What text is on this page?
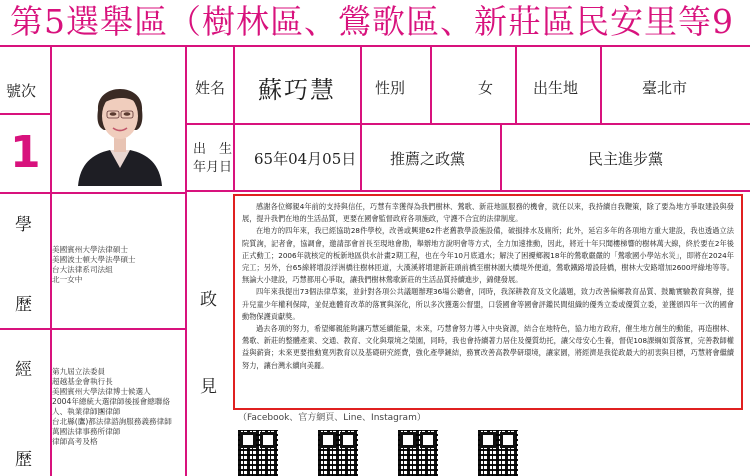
第5選舉區（樹林區、鶯歌區、新莊區民安里等9
號次
1
學
歷
經
歷
美國賓州大學法律碩士
美國波士頓大學法學碩士
台大法律系司法組
北一女中
第九屆立法委員
超越基金會執行長
美國賓州大學法律博士候選人
2004年總統大選律師後援會總聯絡
人、執業律師團律師
台北縣(鷹)都法律諮詢服務義務律師
萬國法律事務所律師
律師高考及格
姓名 蘇巧慧	性別	女	出生地	臺北市
出　生
年月日 65年04月05日 推薦之政黨	民主進步黨
政
見

感謝各位鄉親4年前的支持與信任，巧慧有幸獲得為我們樹林、鶯歌、新莊地區服務的機會，就任以來，我持續自我鞭策，除了要為地方爭取建設與發展，提升我們在地的生活品質，更要在國會監督政府各項施政，守護不合宜的法律制度。

在地方的四年來，我已經協助28件學校，改善或興建62件老舊教學設施設備，破損排水及廁所；此外，延宕多年的各項地方重大建設，我也透過立法院質詢，記者會，協調會，邀請部會首長至現地會勘，舉辦地方說明會等方式，全力加速推動，因此，將近十年只聞樓梯響的樹林萬大線，終於要在2年後正式動工；2006年就核定的板新地區供水計畫2期工程，也在今年10月底通水；解決了困擾鄉親18年的鶯歌嚴嚴的「鶯歌國小學站水災」，即將在2024年完工；另外，台65線將增設浮洲橋往樹林匝道，大漢溪將增建新莊頭前橋至樹林園大橋堤外便道，鶯歌鐵路增設陸橋，樹林大安路增加2600坪綠地等等。無論大小建設，巧慧都用心爭取，讓我們樹林鶯歌新莊的生活品質持續進步，錦健發展。

四年來我提出73個法律草案，並針對各項公共議題辦理36場公聽會，同時，我深耕教育及文化議題，致力改善偏鄉教育品質、鼓勵實驗教育與辦，提升兒童少年權利保障，並促進體育改革的落實與深化，所以多次獲選公督盟，口袋國會等國會評鑑民間組織的優秀立委或優質立委，並獲頒四年一次的國會動物保護貢獻獎。

過去各項的努力，希望鄉親能夠讓巧慧延續能量，未來，巧慧會努力導入中央資源，結合在地特色，協力地方政府，催生地方創生的動能，再造樹林、鶯歌、新莊的整體產業、交通、教育、文化與環境之榮園，同時，我也會持續著力居住及優質幼托，讓父母安心生養，督促108課綱如質落實，完善教師權益與薪資；未來更要推動寬列教育以及基礎研究經費，強化產學鏈結，務實改善高教學研環境，讓家園，將經濟是我從政最大的初衷與目標，巧慧將會繼續努力，讓台灣永續向美麗。

（Facebook、官方網頁、Line、Instagram）
